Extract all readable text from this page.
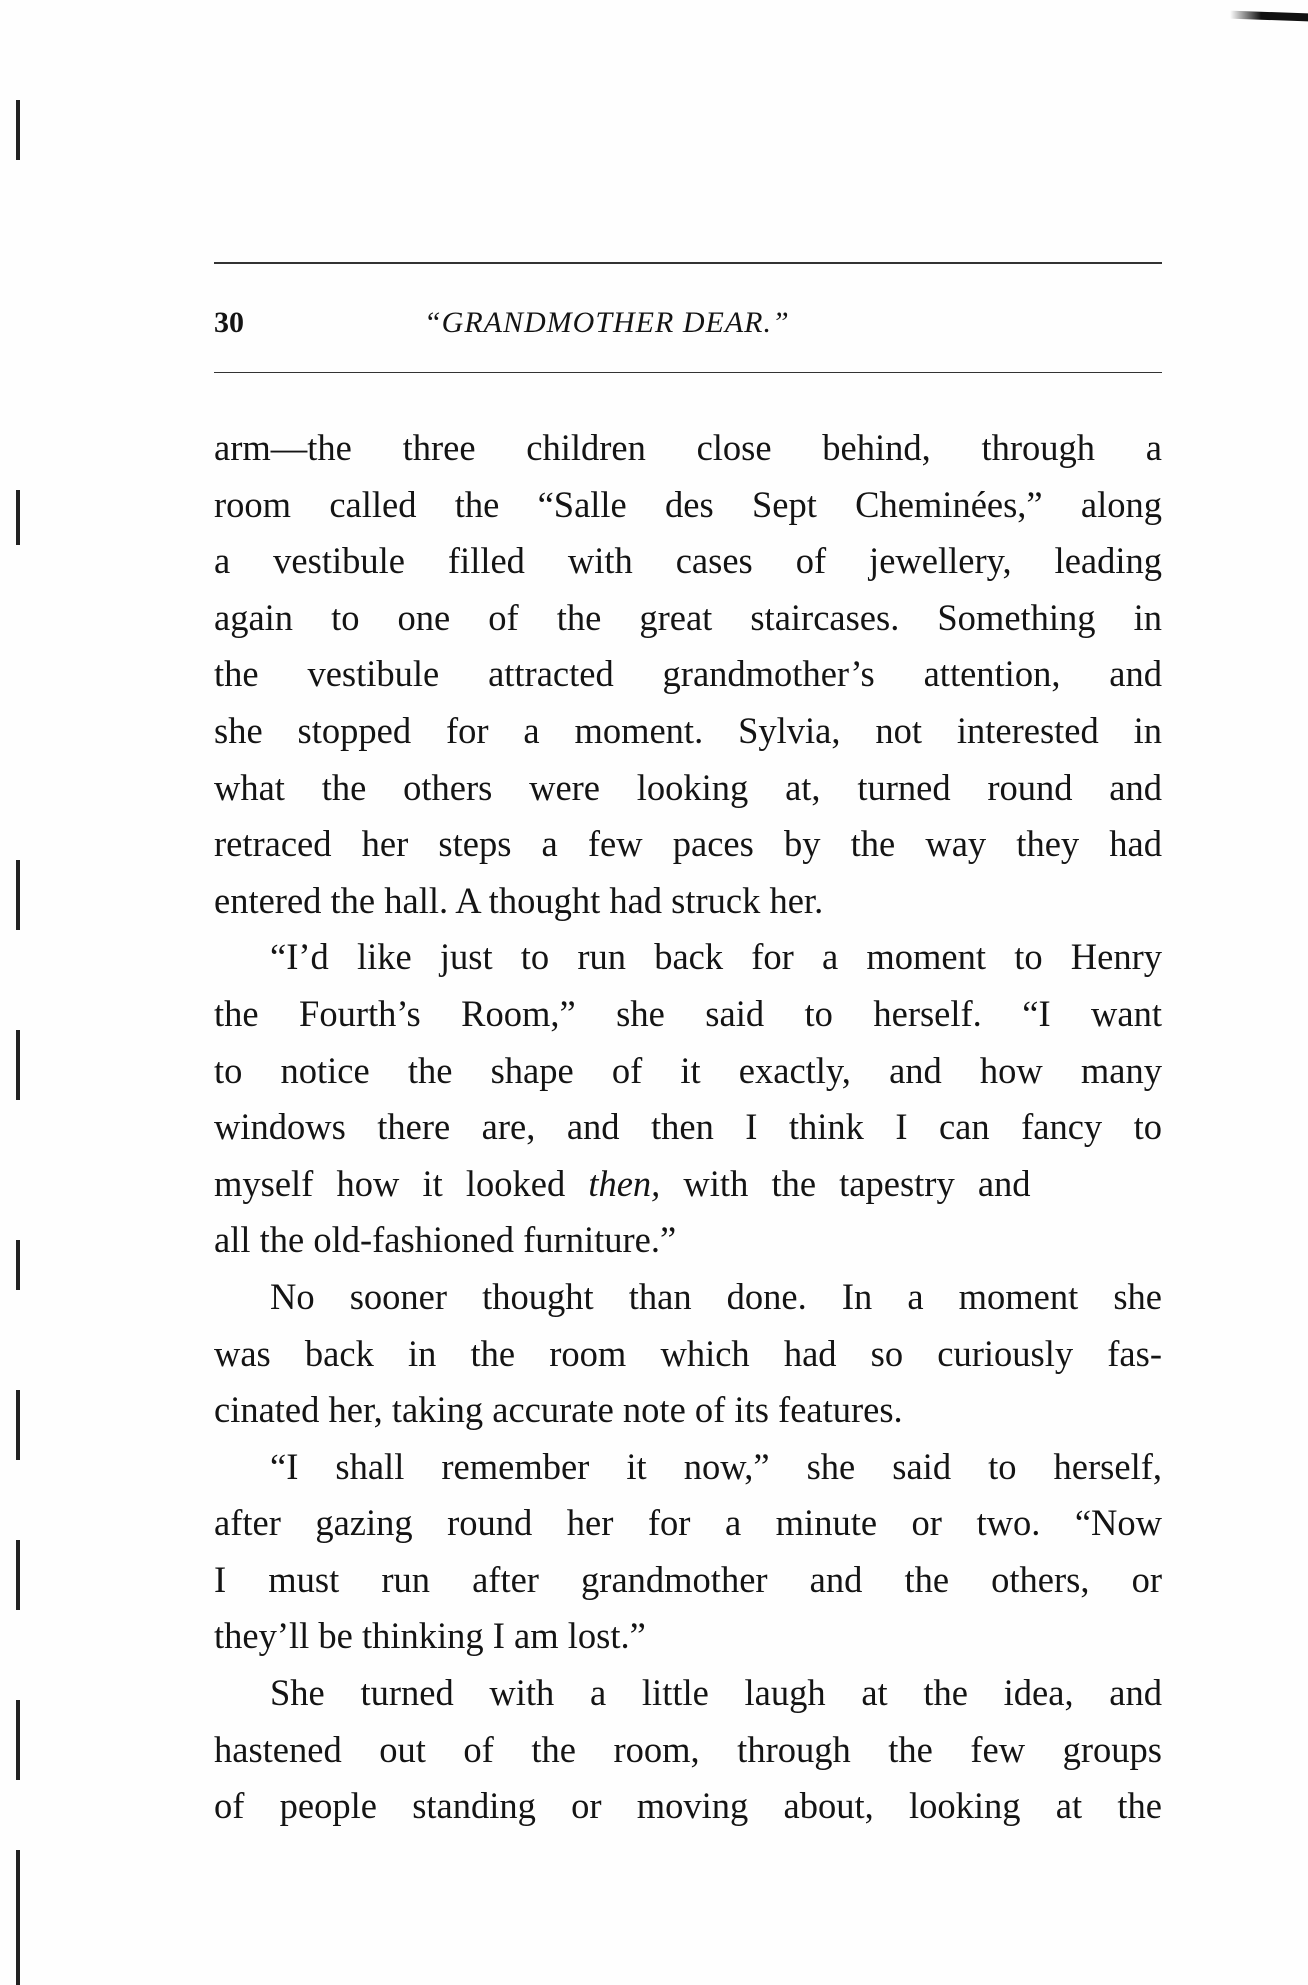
30	“GRANDMOTHER DEAR.”
arm—the three children close behind, through a
room called the “Salle des Sept Cheminées,” along
a vestibule filled with cases of jewellery, leading
again to one of the great staircases. Something in
the vestibule attracted grandmother’s attention, and
she stopped for a moment. Sylvia, not interested in
what the others were looking at, turned round and
retraced her steps a few paces by the way they had
entered the hall. A thought had struck her.
“I’d like just to run back for a moment to Henry
the Fourth’s Room,” she said to herself. “I want
to notice the shape of it exactly, and how many
windows there are, and then I think I can fancy to
myself how it looked then, with the tapestry and
all the old-fashioned furniture.”
No sooner thought than done. In a moment she
was back in the room which had so curiously fas-
cinated her, taking accurate note of its features.
“I shall remember it now,” she said to herself,
after gazing round her for a minute or two. “Now
I must run after grandmother and the others, or
they’ll be thinking I am lost.”
She turned with a little laugh at the idea, and
hastened out of the room, through the few groups
of people standing or moving about, looking at the
